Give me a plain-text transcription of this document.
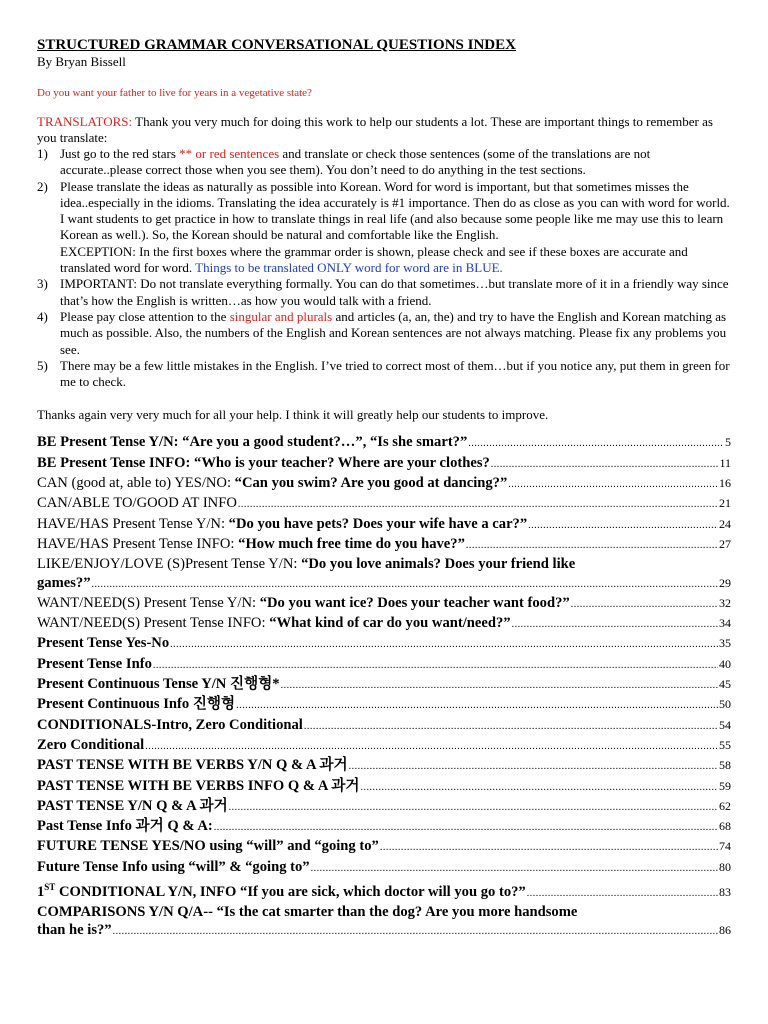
STRUCTURED GRAMMAR CONVERSATIONAL QUESTIONS INDEX
By Bryan Bissell
Do you want your father to live for years in a vegetative state?
TRANSLATORS: Thank you very much for doing this work to help our students a lot. These are important things to remember as you translate:
1) Just go to the red stars ** or red sentences and translate or check those sentences (some of the translations are not accurate..please correct those when you see them). You don’t need to do anything in the test sections.
2) Please translate the ideas as naturally as possible into Korean. Word for word is important, but that sometimes misses the idea..especially in the idioms. Translating the idea accurately is #1 importance. Then do as close as you can with word for world. I want students to get practice in how to translate things in real life (and also because some people like me may use this to learn Korean as well.). So, the Korean should be natural and comfortable like the English.
EXCEPTION: In the first boxes where the grammar order is shown, please check and see if these boxes are accurate and translated word for word. Things to be translated ONLY word for word are in BLUE.
3) IMPORTANT: Do not translate everything formally. You can do that sometimes…but translate more of it in a friendly way since that’s how the English is written…as how you would talk with a friend.
4) Please pay close attention to the singular and plurals and articles (a, an, the) and try to have the English and Korean matching as much as possible. Also, the numbers of the English and Korean sentences are not always matching. Please fix any problems you see.
5) There may be a few little mistakes in the English. I’ve tried to correct most of them…but if you notice any, put them in green for me to check.
Thanks again very very much for all your help. I think it will greatly help our students to improve.
BE Present Tense Y/N: “Are you a good student?…”, “Is she smart?” .....	5
BE Present Tense INFO: “Who is your teacher? Where are your clothes? .....	11
CAN (good at, able to) YES/NO: “Can you swim? Are you good at dancing?” .....	16
CAN/ABLE TO/GOOD AT INFO .....	21
HAVE/HAS Present Tense Y/N: “Do you have pets? Does your wife have a car?” .....	24
HAVE/HAS Present Tense INFO: “How much free time do you have?” .....	27
LIKE/ENJOY/LOVE (S)Present Tense Y/N: “Do you love animals? Does your friend like
games?” .....	29
WANT/NEED(S) Present Tense Y/N: “Do you want ice? Does your teacher want food?” .....	32
WANT/NEED(S) Present Tense INFO: “What kind of car do you want/need?” .....	34
Present Tense Yes-No .....	35
Present Tense Info .....	40
Present Continuous Tense Y/N 진행형* .....	45
Present Continuous Info 진행형 .....	50
CONDITIONALS-Intro, Zero Conditional .....	54
Zero Conditional .....	55
PAST TENSE WITH BE VERBS Y/N Q & A 과거 .....	58
PAST TENSE WITH BE VERBS INFO Q & A 과거 .....	59
PAST TENSE Y/N Q & A 과거 .....	62
Past Tense Info 과거 Q & A: .....	68
FUTURE TENSE YES/NO using “will” and “going to” .....	74
Future Tense Info using “will” & “going to” .....	80
1ST CONDITIONAL Y/N, INFO “If you are sick, which doctor will you go to?” .....	83
COMPARISONS Y/N Q/A-- “Is the cat smarter than the dog? Are you more handsome
than he is?” .....	86
